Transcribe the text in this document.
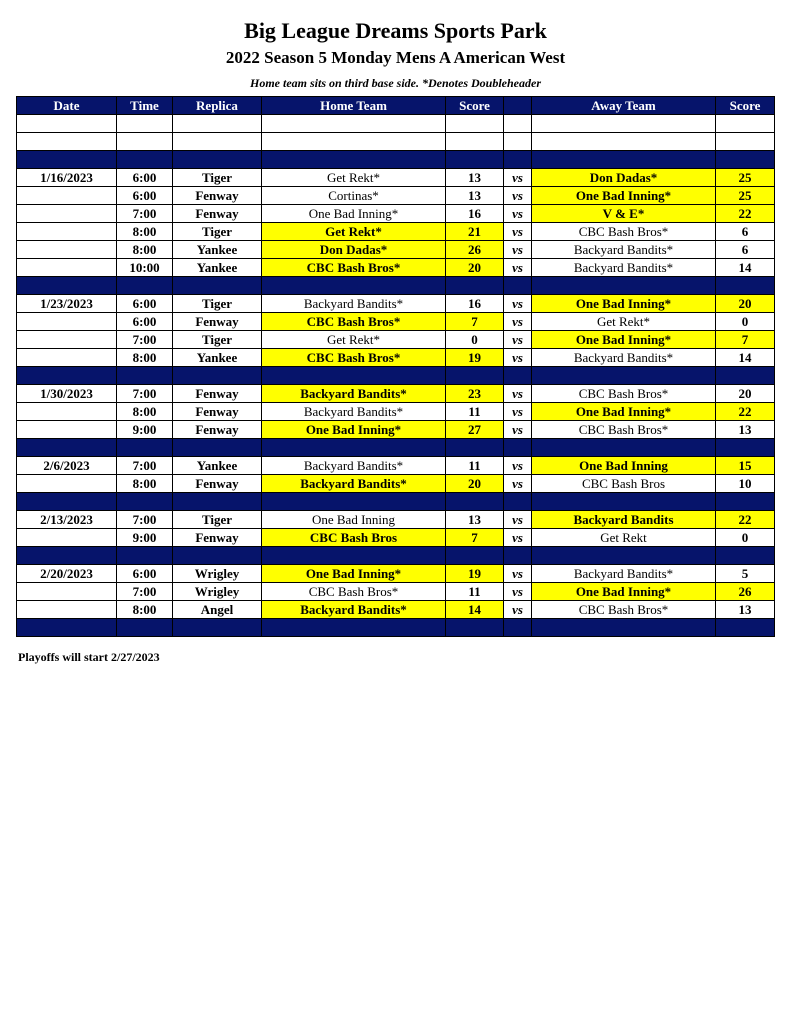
Big League Dreams Sports Park
2022 Season 5 Monday Mens A American West
Home team sits on third base side. *Denotes Doubleheader
Date	Time	Replica	Home Team	Score		Away Team	Score

1/16/2023	6:00	Tiger	Get Rekt*	13	vs	Don Dadas*	25
	6:00	Fenway	Cortinas*	13	vs	One Bad Inning*	25
	7:00	Fenway	One Bad Inning*	16	vs	V & E*	22
	8:00	Tiger	Get Rekt*	21	vs	CBC Bash Bros*	6
	8:00	Yankee	Don Dadas*	26	vs	Backyard Bandits*	6
	10:00	Yankee	CBC Bash Bros*	20	vs	Backyard Bandits*	14

1/23/2023	6:00	Tiger	Backyard Bandits*	16	vs	One Bad Inning*	20
	6:00	Fenway	CBC Bash Bros*	7	vs	Get Rekt*	0
	7:00	Tiger	Get Rekt*	0	vs	One Bad Inning*	7
	8:00	Yankee	CBC Bash Bros*	19	vs	Backyard Bandits*	14

1/30/2023	7:00	Fenway	Backyard Bandits*	23	vs	CBC Bash Bros*	20
	8:00	Fenway	Backyard Bandits*	11	vs	One Bad Inning*	22
	9:00	Fenway	One Bad Inning*	27	vs	CBC Bash Bros*	13

2/6/2023	7:00	Yankee	Backyard Bandits*	11	vs	One Bad Inning	15
	8:00	Fenway	Backyard Bandits*	20	vs	CBC Bash Bros	10

2/13/2023	7:00	Tiger	One Bad Inning	13	vs	Backyard Bandits	22
	9:00	Fenway	CBC Bash Bros	7	vs	Get Rekt	0

2/20/2023	6:00	Wrigley	One Bad Inning*	19	vs	Backyard Bandits*	5
	7:00	Wrigley	CBC Bash Bros*	11	vs	One Bad Inning*	26
	8:00	Angel	Backyard Bandits*	14	vs	CBC Bash Bros*	13

Playoffs will start 2/27/2023
